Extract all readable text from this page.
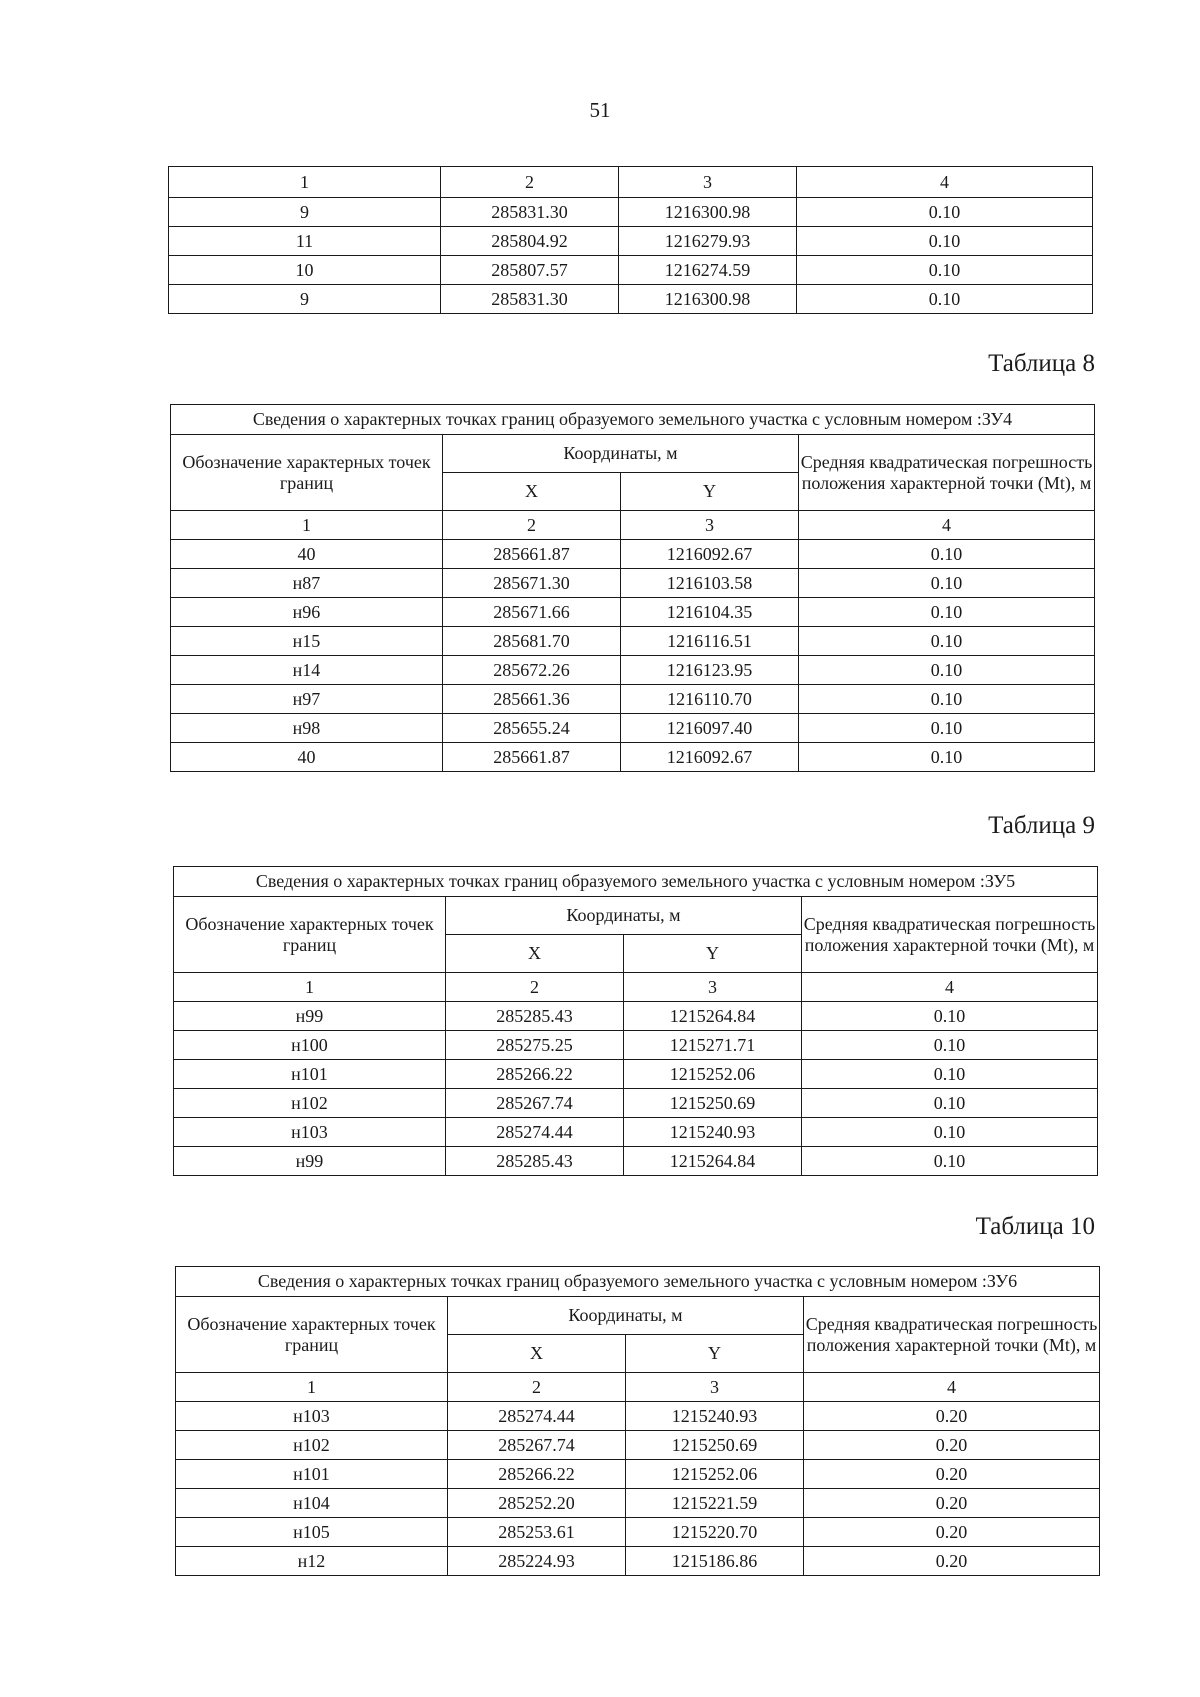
51
1	2	3	4
9	285831.30	1216300.98	0.10
11	285804.92	1216279.93	0.10
10	285807.57	1216274.59	0.10
9	285831.30	1216300.98	0.10
Таблица 8
Сведения о характерных точках границ образуемого земельного участка с условным номером :ЗУ4			
Обозначение характерных точек границ	Координаты, м		Средняя квадратическая погрешность положения характерной точки (Mt), м
	X	Y	
1	2	3	4
40	285661.87	1216092.67	0.10
н87	285671.30	1216103.58	0.10
н96	285671.66	1216104.35	0.10
н15	285681.70	1216116.51	0.10
н14	285672.26	1216123.95	0.10
н97	285661.36	1216110.70	0.10
н98	285655.24	1216097.40	0.10
40	285661.87	1216092.67	0.10
Таблица 9
Сведения о характерных точках границ образуемого земельного участка с условным номером :ЗУ5			
Обозначение характерных точек границ	Координаты, м		Средняя квадратическая погрешность положения характерной точки (Mt), м
	X	Y	
1	2	3	4
н99	285285.43	1215264.84	0.10
н100	285275.25	1215271.71	0.10
н101	285266.22	1215252.06	0.10
н102	285267.74	1215250.69	0.10
н103	285274.44	1215240.93	0.10
н99	285285.43	1215264.84	0.10
Таблица 10
Сведения о характерных точках границ образуемого земельного участка с условным номером :ЗУ6			
Обозначение характерных точек границ	Координаты, м		Средняя квадратическая погрешность положения характерной точки (Mt), м
	X	Y	
1	2	3	4
н103	285274.44	1215240.93	0.20
н102	285267.74	1215250.69	0.20
н101	285266.22	1215252.06	0.20
н104	285252.20	1215221.59	0.20
н105	285253.61	1215220.70	0.20
н12	285224.93	1215186.86	0.20
